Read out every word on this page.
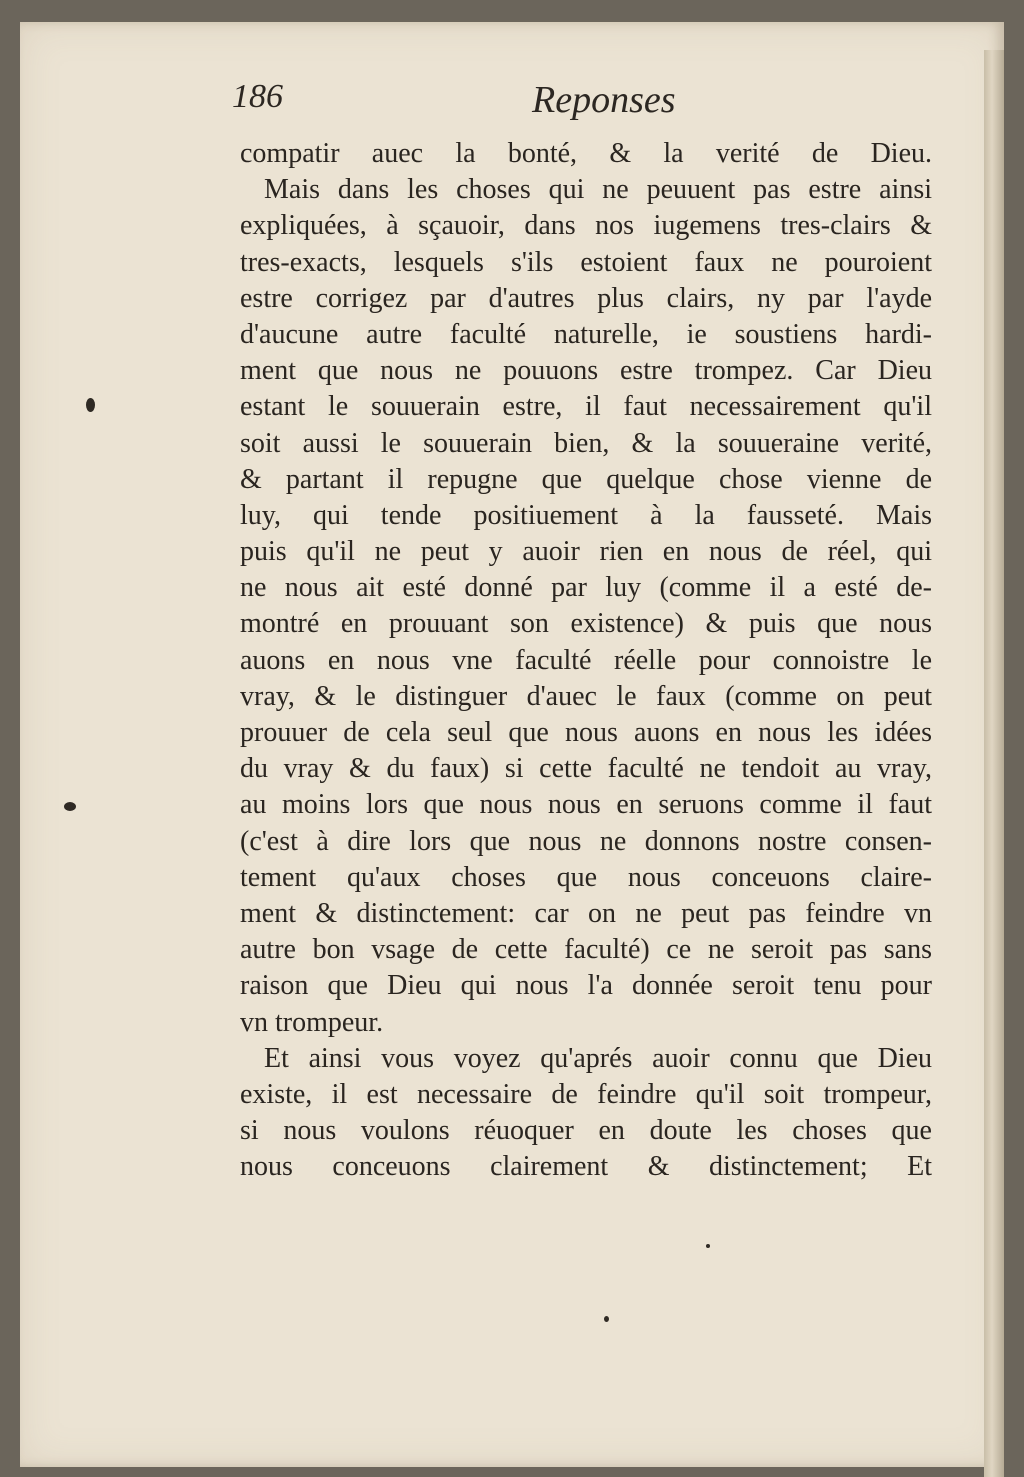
186	Reponses
compatir auec la bonté, & la verité de Dieu.
Mais dans les choses qui ne peuuent pas estre ainsi
expliquées, à sçauoir, dans nos iugemens tres-clairs &
tres-exacts, lesquels s'ils estoient faux ne pouroient
estre corrigez par d'autres plus clairs, ny par l'ayde
d'aucune autre faculté naturelle, ie soustiens hardi-
ment que nous ne pouuons estre trompez. Car Dieu
estant le souuerain estre, il faut necessairement qu'il
soit aussi le souuerain bien, & la souueraine verité,
& partant il repugne que quelque chose vienne de
luy, qui tende positiuement à la fausseté. Mais
puis qu'il ne peut y auoir rien en nous de réel, qui
ne nous ait esté donné par luy (comme il a esté de-
montré en prouuant son existence) & puis que nous
auons en nous vne faculté réelle pour connoistre le
vray, & le distinguer d'auec le faux (comme on peut
prouuer de cela seul que nous auons en nous les idées
du vray & du faux) si cette faculté ne tendoit au vray,
au moins lors que nous nous en seruons comme il faut
(c'est à dire lors que nous ne donnons nostre consen-
tement qu'aux choses que nous conceuons claire-
ment & distinctement: car on ne peut pas feindre vn
autre bon vsage de cette faculté) ce ne seroit pas sans
raison que Dieu qui nous l'a donnée seroit tenu pour
vn trompeur.
Et ainsi vous voyez qu'aprés auoir connu que Dieu
existe, il est necessaire de feindre qu'il soit trompeur,
si nous voulons réuoquer en doute les choses que
nous conceuons clairement & distinctement; Et
